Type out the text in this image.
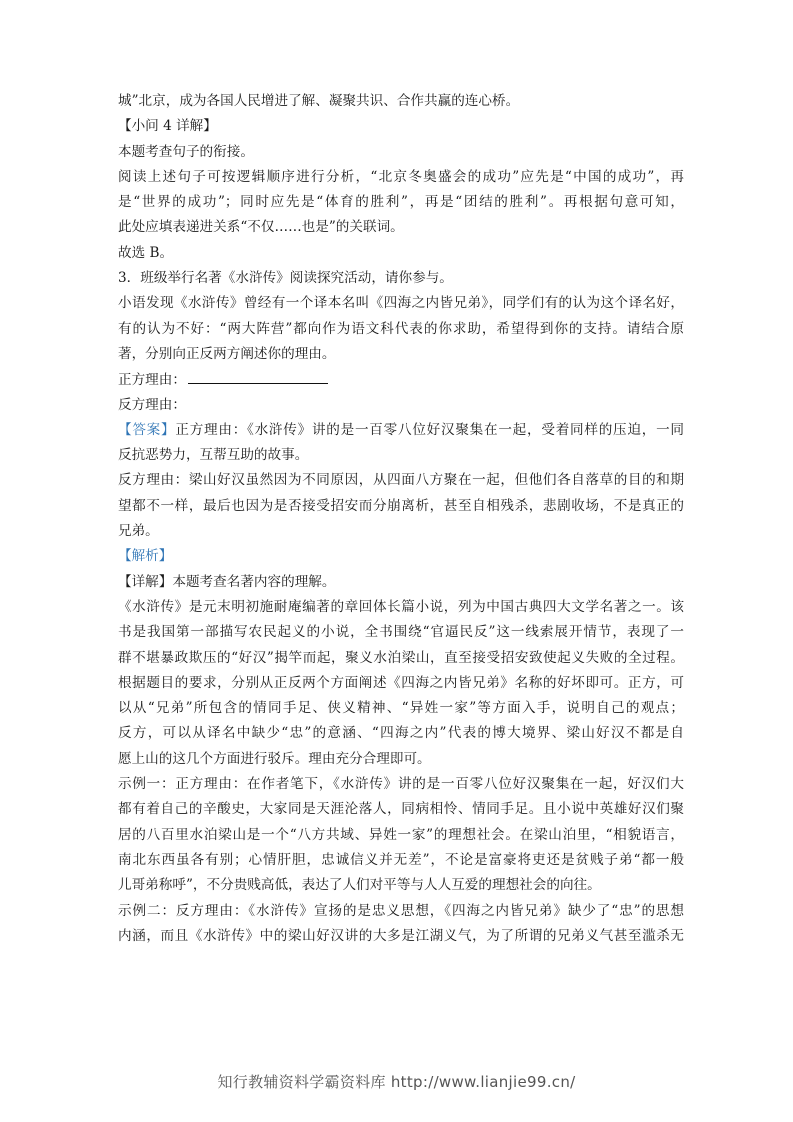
城”北京，成为各国人民增进了解、凝聚共识、合作共赢的连心桥。
【小问 4 详解】
本题考查句子的衔接。
阅读上述句子可按逻辑顺序进行分析，“北京冬奥盛会的成功”应先是“中国的成功”，再
是“世界的成功”；同时应先是“体育的胜利”，再是“团结的胜利”。再根据句意可知，
此处应填表递进关系“不仅……也是”的关联词。
故选 B。
3．班级举行名著《水浒传》阅读探究活动，请你参与。
小语发现《水浒传》曾经有一个译本名叫《四海之内皆兄弟》，同学们有的认为这个译名好，
有的认为不好：“两大阵营”都向作为语文科代表的你求助，希望得到你的支持。请结合原
著，分别向正反两方阐述你的理由。
正方理由：
反方理由：
【答案】正方理由：《水浒传》讲的是一百零八位好汉聚集在一起，受着同样的压迫，一同
反抗恶势力，互帮互助的故事。
反方理由：梁山好汉虽然因为不同原因，从四面八方聚在一起，但他们各自落草的目的和期
望都不一样，最后也因为是否接受招安而分崩离析，甚至自相残杀，悲剧收场，不是真正的
兄弟。
【解析】
【详解】本题考查名著内容的理解。
《水浒传》是元末明初施耐庵编著的章回体长篇小说，列为中国古典四大文学名著之一。该
书是我国第一部描写农民起义的小说，全书围绕“官逼民反”这一线索展开情节，表现了一
群不堪暴政欺压的“好汉”揭竿而起，聚义水泊梁山，直至接受招安致使起义失败的全过程。
根据题目的要求，分别从正反两个方面阐述《四海之内皆兄弟》名称的好坏即可。正方，可
以从“兄弟”所包含的情同手足、侠义精神、“异姓一家”等方面入手，说明自己的观点；
反方，可以从译名中缺少“忠”的意涵、“四海之内”代表的博大境界、梁山好汉不都是自
愿上山的这几个方面进行驳斥。理由充分合理即可。
示例一：正方理由：在作者笔下，《水浒传》讲的是一百零八位好汉聚集在一起，好汉们大
都有着自己的辛酸史，大家同是天涯沦落人，同病相怜、情同手足。且小说中英雄好汉们聚
居的八百里水泊梁山是一个“八方共域、异姓一家”的理想社会。在梁山泊里，“相貌语言，
南北东西虽各有别；心情肝胆，忠诚信义并无差”，不论是富豪将吏还是贫贱子弟“都一般
儿哥弟称呼”，不分贵贱高低，表达了人们对平等与人人互爱的理想社会的向往。
示例二：反方理由：《水浒传》宣扬的是忠义思想，《四海之内皆兄弟》缺少了“忠”的思想
内涵，而且《水浒传》中的梁山好汉讲的大多是江湖义气，为了所谓的兄弟义气甚至滥杀无
知行教辅资料学霸资料库 http://www.lianjie99.cn/
